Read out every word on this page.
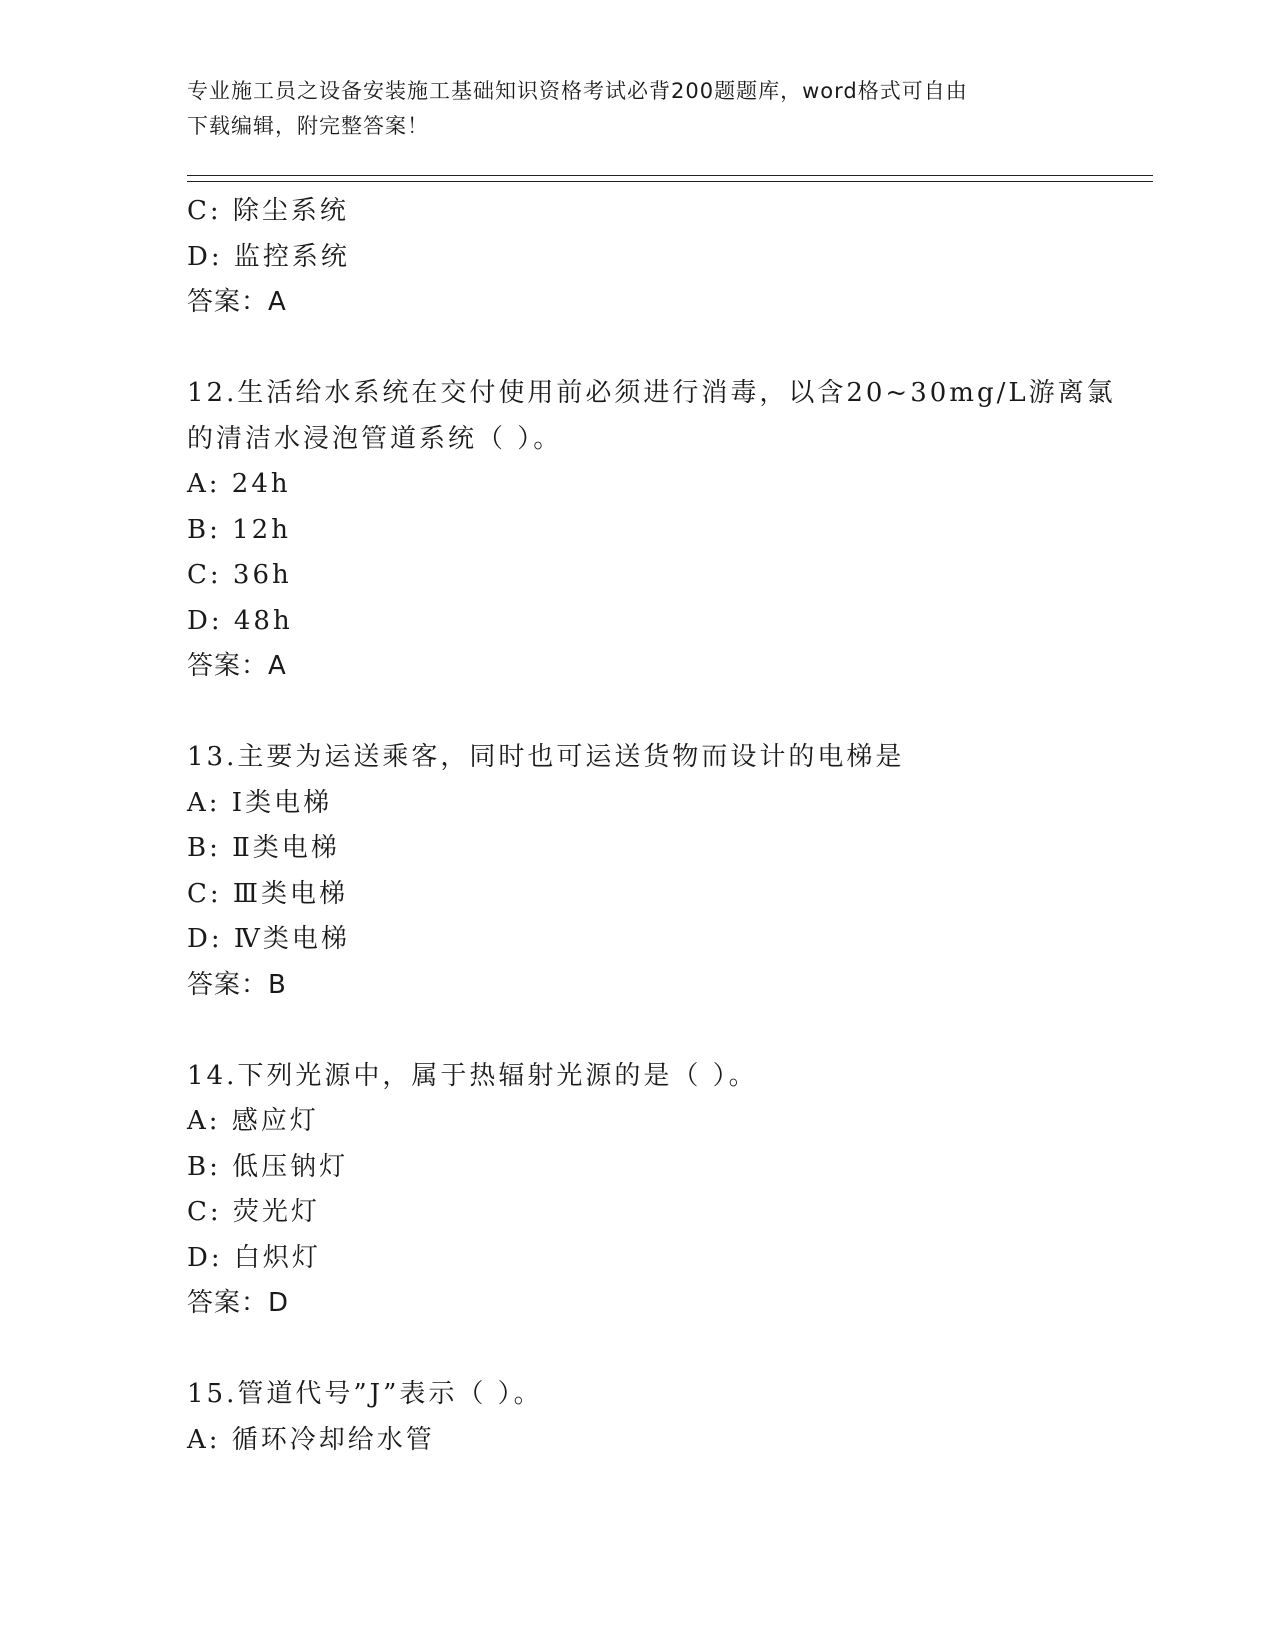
专业施工员之设备安装施工基础知识资格考试必背200题题库，word格式可自由
下载编辑，附完整答案！
C: 除尘系统
D: 监控系统
答案：A
12.生活给水系统在交付使用前必须进行消毒，以含20~30mg/L游离氯
的清洁水浸泡管道系统（ ）。
A: 24h
B: 12h
C: 36h
D: 48h
答案：A
13.主要为运送乘客，同时也可运送货物而设计的电梯是
A: Ⅰ类电梯
B: Ⅱ类电梯
C: Ⅲ类电梯
D: Ⅳ类电梯
答案：B
14.下列光源中，属于热辐射光源的是（ ）。
A: 感应灯
B: 低压钠灯
C: 荧光灯
D: 白炽灯
答案：D
15.管道代号”J”表示（ ）。
A: 循环冷却给水管
